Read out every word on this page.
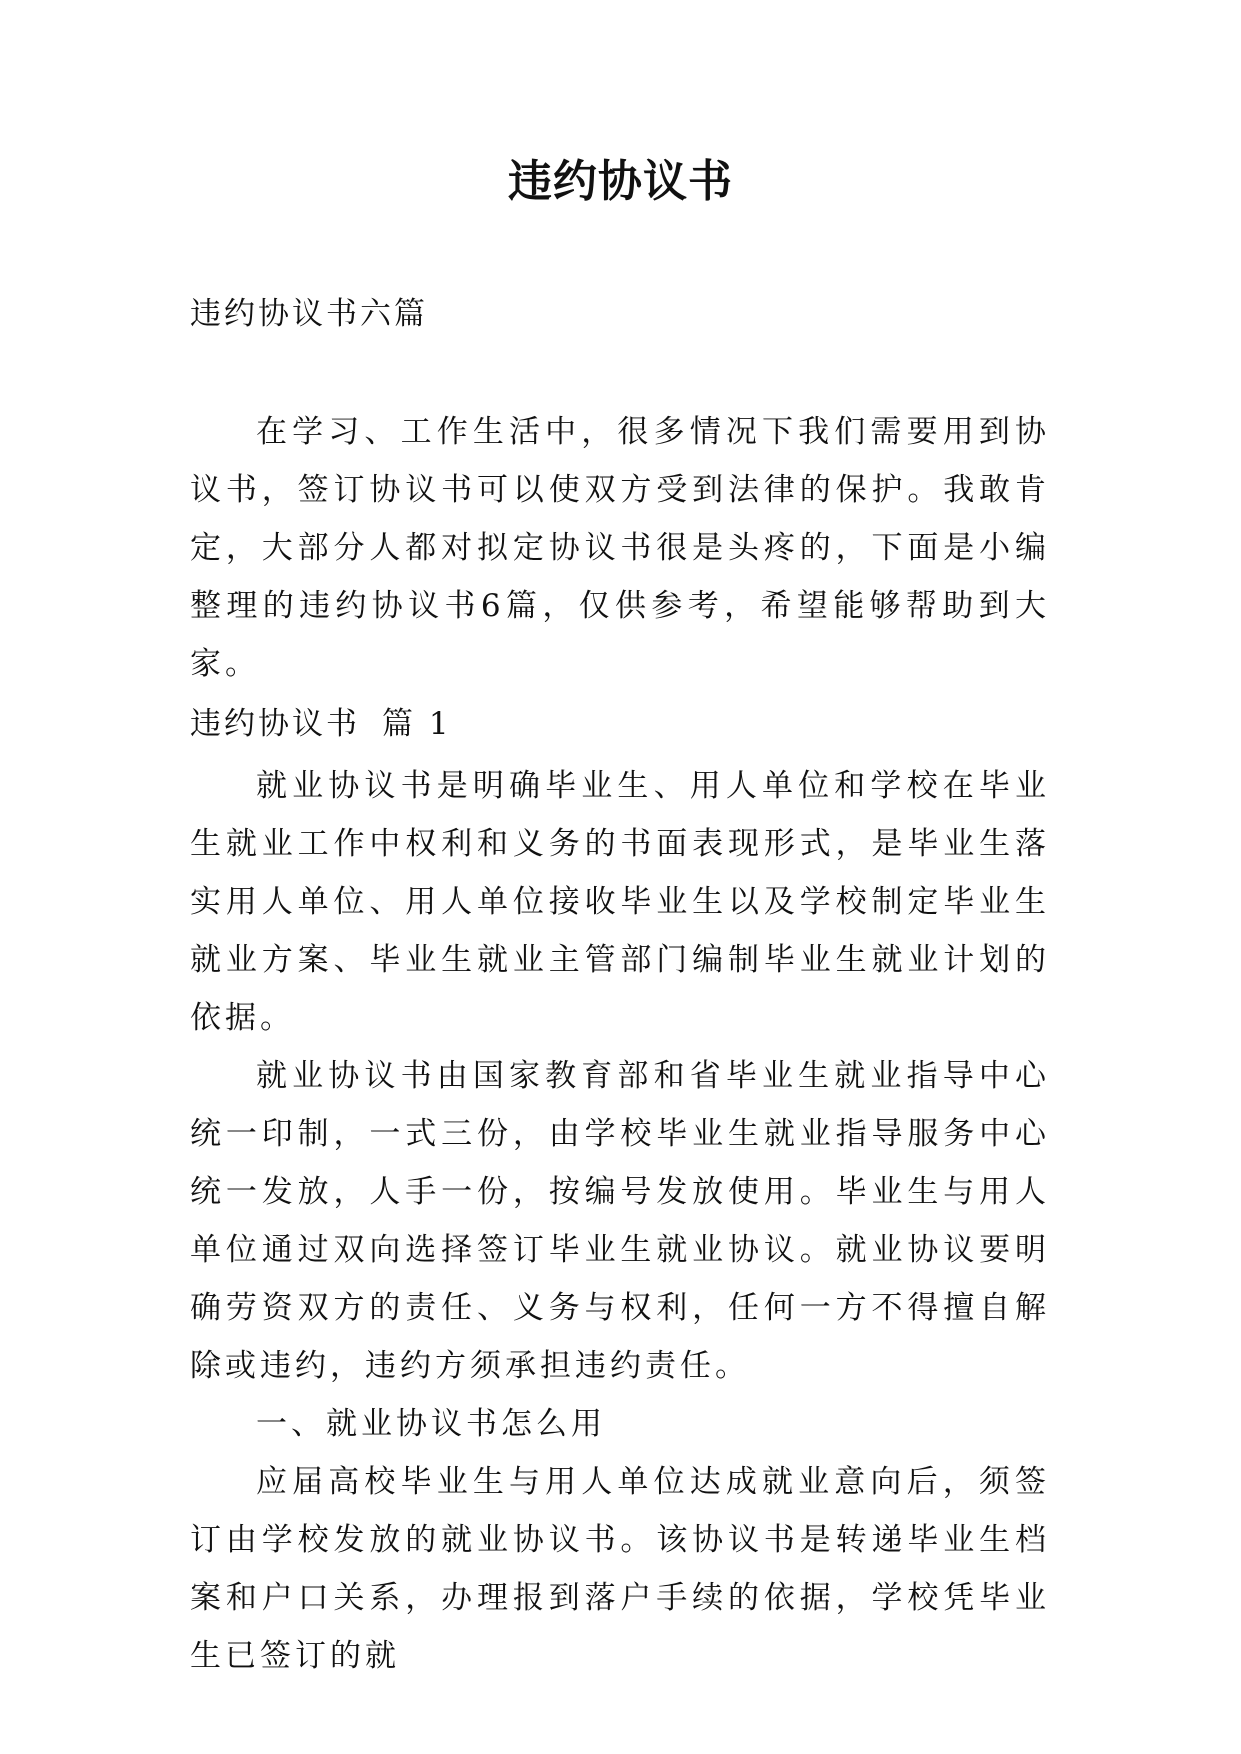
违约协议书

违约协议书六篇

在学习、工作生活中，很多情况下我们需要用到协议书，签订协议书可以使双方受到法律的保护。我敢肯定，大部分人都对拟定协议书很是头疼的，下面是小编整理的违约协议书6篇，仅供参考，希望能够帮助到大家。

违约协议书 篇 1

就业协议书是明确毕业生、用人单位和学校在毕业生就业工作中权利和义务的书面表现形式，是毕业生落实用人单位、用人单位接收毕业生以及学校制定毕业生就业方案、毕业生就业主管部门编制毕业生就业计划的依据。

就业协议书由国家教育部和省毕业生就业指导中心统一印制，一式三份，由学校毕业生就业指导服务中心统一发放，人手一份，按编号发放使用。毕业生与用人单位通过双向选择签订毕业生就业协议。就业协议要明确劳资双方的责任、义务与权利，任何一方不得擅自解除或违约，违约方须承担违约责任。

一、就业协议书怎么用

应届高校毕业生与用人单位达成就业意向后，须签订由学校发放的就业协议书。该协议书是转递毕业生档案和户口关系，办理报到落户手续的依据，学校凭毕业生已签订的就
